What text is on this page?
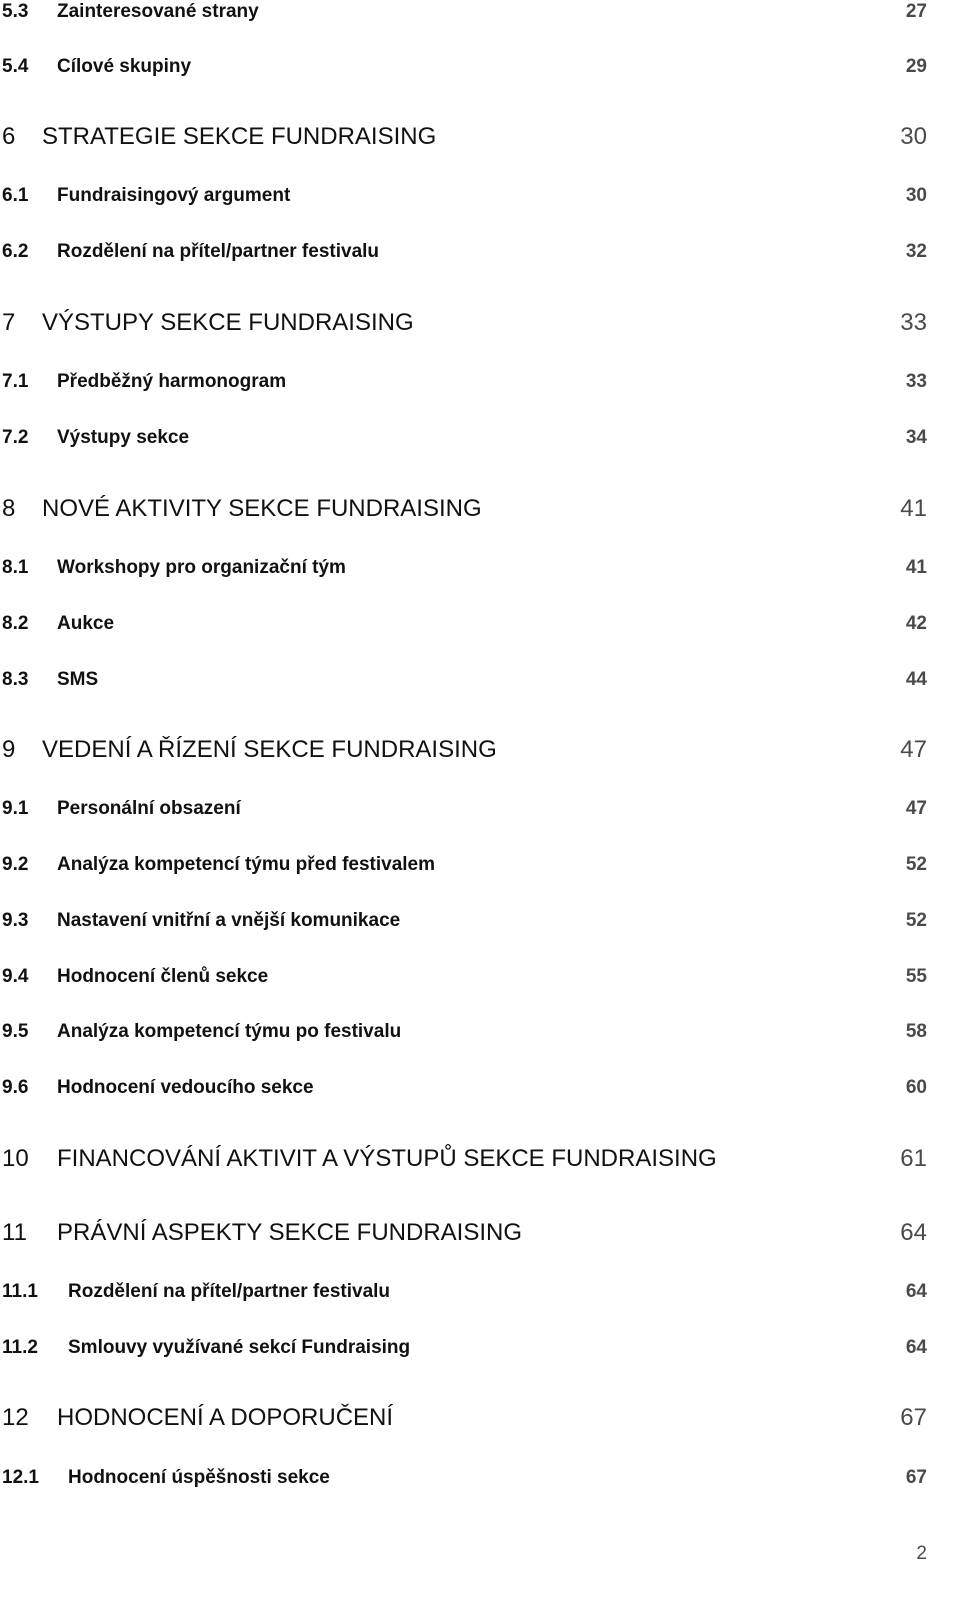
5.3 Zainteresované strany	27
5.4 Cílové skupiny	29
6 STRATEGIE SEKCE FUNDRAISING	30
6.1 Fundraisingový argument	30
6.2 Rozdělení na přítel/partner festivalu	32
7 VÝSTUPY SEKCE FUNDRAISING	33
7.1 Předběžný harmonogram	33
7.2 Výstupy sekce	34
8 NOVÉ AKTIVITY SEKCE FUNDRAISING	41
8.1 Workshopy pro organizační tým	41
8.2 Aukce	42
8.3 SMS	44
9 VEDENÍ A ŘÍZENÍ SEKCE FUNDRAISING	47
9.1 Personální obsazení	47
9.2 Analýza kompetencí týmu před festivalem	52
9.3 Nastavení vnitřní a vnější komunikace	52
9.4 Hodnocení členů sekce	55
9.5 Analýza kompetencí týmu po festivalu	58
9.6 Hodnocení vedoucího sekce	60
10 FINANCOVÁNÍ AKTIVIT A VÝSTUPŮ SEKCE FUNDRAISING	61
11 PRÁVNÍ ASPEKTY SEKCE FUNDRAISING	64
11.1 Rozdělení na přítel/partner festivalu	64
11.2 Smlouvy využívané sekcí Fundraising	64
12 HODNOCENÍ A DOPORUČENÍ	67
12.1 Hodnocení úspěšnosti sekce	67
2
